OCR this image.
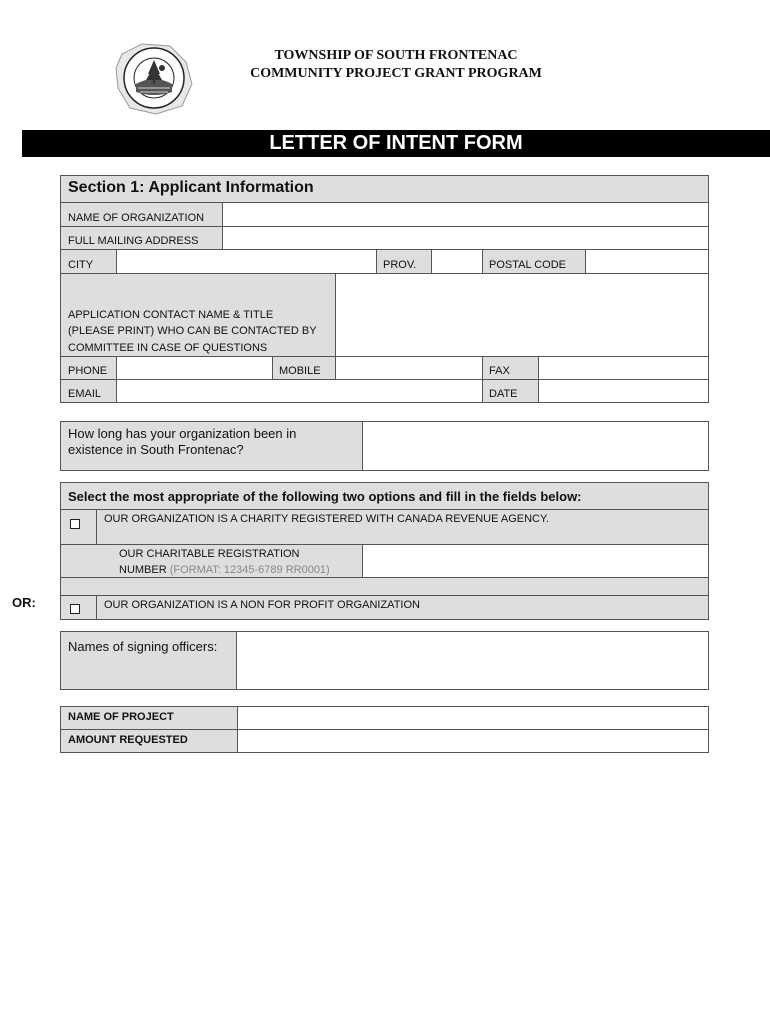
TOWNSHIP OF SOUTH FRONTENAC
COMMUNITY PROJECT GRANT PROGRAM
LETTER OF INTENT FORM
Section 1: Applicant Information
NAME OF ORGANIZATION
FULL MAILING ADDRESS
CITY	PROV.	POSTAL CODE
APPLICATION CONTACT NAME & TITLE
(PLEASE PRINT) WHO CAN BE CONTACTED BY
COMMITTEE IN CASE OF QUESTIONS
PHONE	MOBILE	FAX
EMAIL	DATE
How long has your organization been in
existence in South Frontenac?
Select the most appropriate of the following two options and fill in the fields below:
OUR ORGANIZATION IS A CHARITY REGISTERED WITH CANADA REVENUE AGENCY.
OUR CHARITABLE REGISTRATION
NUMBER (FORMAT: 12345-6789 RR0001)
OR:	OUR ORGANIZATION IS A NON FOR PROFIT ORGANIZATION
Names of signing officers:
NAME OF PROJECT
AMOUNT REQUESTED
